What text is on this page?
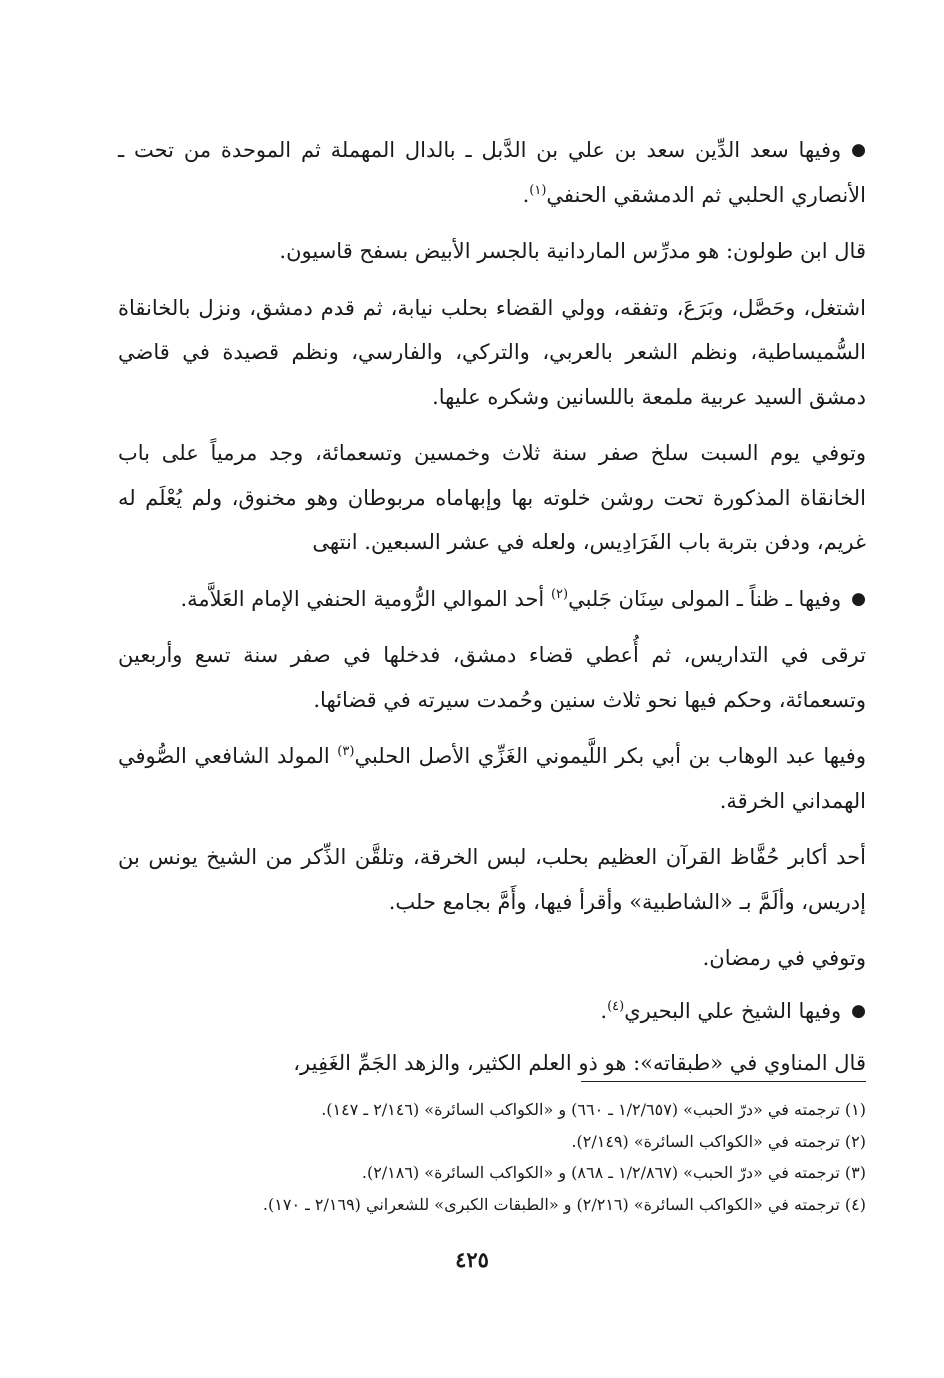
●وفيها سعد الدِّين سعد بن علي بن الدَّبل ـ بالدال المهملة ثم الموحدة من تحت ـ الأنصاري الحلبي ثم الدمشقي الحنفي$^{(١)}$.

قال ابن طولون: هو مدرِّس الماردانية بالجسر الأبيض بسفح قاسيون.

اشتغل، وحَصَّل، وبَرَعَ، وتفقه، وولي القضاء بحلب نيابة، ثم قدم دمشق، ونزل بالخانقاة السُّميساطية، ونظم الشعر بالعربي، والتركي، والفارسي، ونظم قصيدة في قاضي دمشق السيد عربية ملمعة باللسانين وشكره عليها.

وتوفي يوم السبت سلخ صفر سنة ثلاث وخمسين وتسعمائة، وجد مرمياً على باب الخانقاة المذكورة تحت روشن خلوته بها وإبهاماه مربوطان وهو مخنوق، ولم يُعْلَم له غريم، ودفن بتربة باب الفَرَادِيس، ولعله في عشر السبعين. انتهى

●وفيها ـ ظناً ـ المولى سِنَان جَلبي$^{(٢)}$ أحد الموالي الرُّومية الحنفي الإمام العَلاَّمة.

ترقى في التداريس، ثم أُعطي قضاء دمشق، فدخلها في صفر سنة تسع وأربعين وتسعمائة، وحكم فيها نحو ثلاث سنين وحُمدت سيرته في قضائها.

وفيها عبد الوهاب بن أبي بكر اللَّيموني الغَزِّي الأصل الحلبي$^{(٣)}$ المولد الشافعي الصُّوفي الهمداني الخرقة.

أحد أكابر حُفَّاظ القرآن العظيم بحلب، لبس الخرقة، وتلقَّن الذِّكر من الشيخ يونس بن إدريس، وألَمَّ بـ «الشاطبية» وأقرأ فيها، وأَمَّ بجامع حلب.

وتوفي في رمضان.

●وفيها الشيخ علي البحيري$^{(٤)}$.

قال المناوي في «طبقاته»: هو ذو العلم الكثير، والزهد الجَمِّ الغَفِير،

(١) ترجمته في «درّ الحبب» (١/٢/٦٥٧ ـ ٦٦٠) و «الكواكب السائرة» (٢/١٤٦ ـ ١٤٧).

(٢) ترجمته في «الكواكب السائرة» (٢/١٤٩).

(٣) ترجمته في «درّ الحبب» (١/٢/٨٦٧ ـ ٨٦٨) و «الكواكب السائرة» (٢/١٨٦).

(٤) ترجمته في «الكواكب السائرة» (٢/٢١٦) و «الطبقات الكبرى» للشعراني (٢/١٦٩ ـ ١٧٠).

٤٢٥
